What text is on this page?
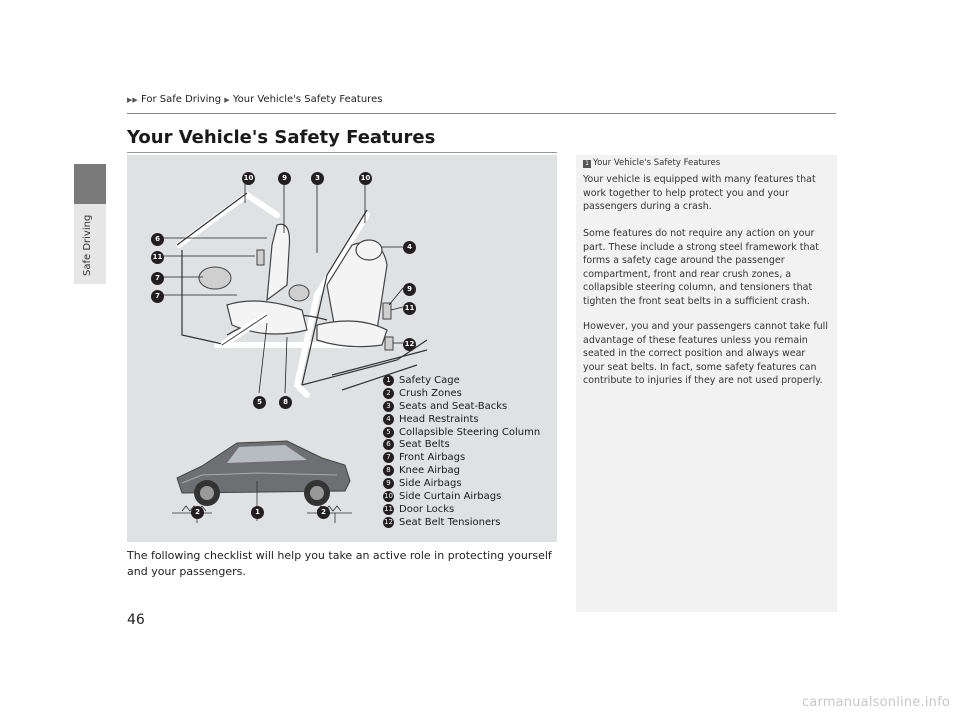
Safe Driving
▶▶ For Safe Driving ▶ Your Vehicle's Safety Features
Your Vehicle's Safety Features
10	9	3	10
6
11
7
7
4
9
11
12
5	8
2	1	2
1 Safety Cage
2 Crush Zones
3 Seats and Seat-Backs
4 Head Restraints
5 Collapsible Steering Column
6 Seat Belts
7 Front Airbags
8 Knee Airbag
9 Side Airbags
10 Side Curtain Airbags
11 Door Locks
12 Seat Belt Tensioners
The following checklist will help you take an active role in protecting yourself and your passengers.
1 Your Vehicle's Safety Features
Your vehicle is equipped with many features that work together to help protect you and your passengers during a crash.
Some features do not require any action on your part. These include a strong steel framework that forms a safety cage around the passenger compartment, front and rear crush zones, a collapsible steering column, and tensioners that tighten the front seat belts in a sufficient crash.
However, you and your passengers cannot take full advantage of these features unless you remain seated in the correct position and always wear your seat belts. In fact, some safety features can contribute to injuries if they are not used properly.
46
carmanualsonline.info
